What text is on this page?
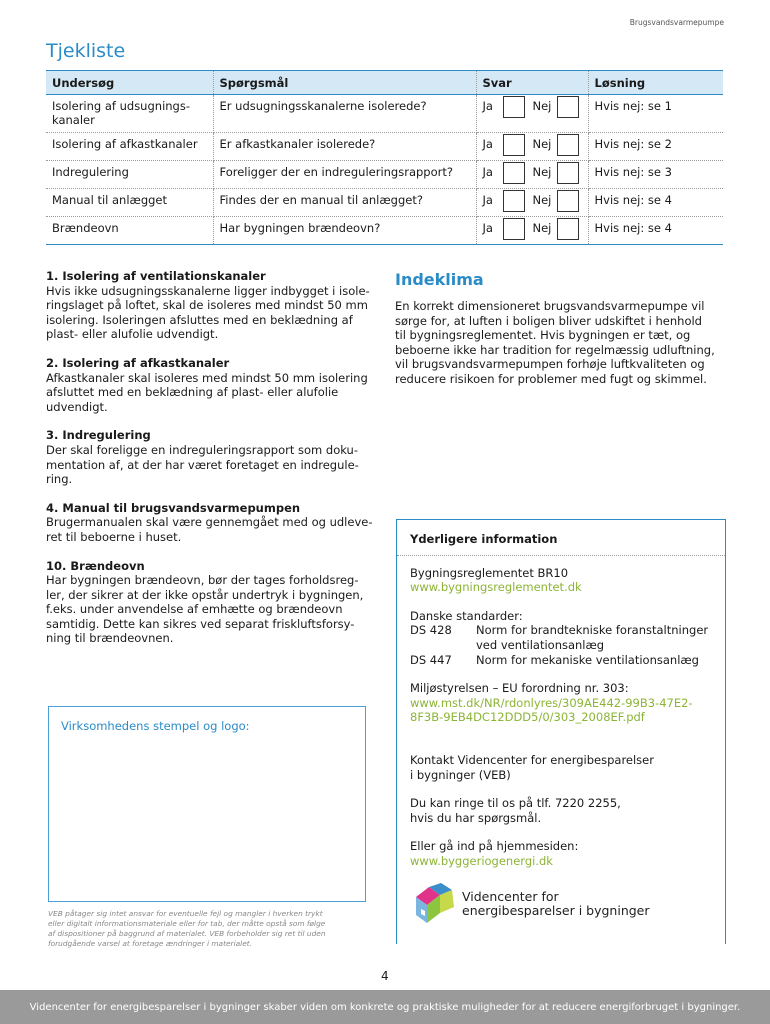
Brugsvandsvarmepumpe
Tjekliste
Undersøg	Spørgsmål	Svar	Løsning
Isolering af udsugnings-
kanaler	Er udsugningsskanalerne isolerede?	Ja Nej	Hvis nej: se 1
Isolering af afkastkanaler	Er afkastkanaler isolerede?	Ja Nej	Hvis nej: se 2
Indregulering	Foreligger der en indreguleringsrapport?	Ja Nej	Hvis nej: se 3
Manual til anlægget	Findes der en manual til anlægget?	Ja Nej	Hvis nej: se 4
Brændeovn	Har bygningen brændeovn?	Ja Nej	Hvis nej: se 4
1. Isolering af ventilationskanaler
Hvis ikke udsugningsskanalerne ligger indbygget i isole-
ringslaget på loftet, skal de isoleres med mindst 50 mm
isolering. Isoleringen afsluttes med en beklædning af
plast- eller alufolie udvendigt.
2. Isolering af afkastkanaler
Afkastkanaler skal isoleres med mindst 50 mm isolering
afsluttet med en beklædning af plast- eller alufolie
udvendigt.
3. Indregulering
Der skal foreligge en indreguleringsrapport som doku-
mentation af, at der har været foretaget en indregule-
ring.
4. Manual til brugsvandsvarmepumpen
Brugermanualen skal være gennemgået med og udleve-
ret til beboerne i huset.
10. Brændeovn
Har bygningen brændeovn, bør der tages forholdsreg-
ler, der sikrer at der ikke opstår undertryk i bygningen,
f.eks. under anvendelse af emhætte og brændeovn
samtidig. Dette kan sikres ved separat friskluftsforsy-
ning til brændeovnen.
Virksomhedens stempel og logo:
VEB påtager sig intet ansvar for eventuelle fejl og mangler i hverken trykt
eller digitalt informationsmateriale eller for tab, der måtte opstå som følge
af dispositioner på baggrund af materialet. VEB forbeholder sig ret til uden
forudgående varsel at foretage ændringer i materialet.
Indeklima
En korrekt dimensioneret brugsvandsvarmepumpe vil
sørge for, at luften i boligen bliver udskiftet i henhold
til bygningsreglementet. Hvis bygningen er tæt, og
beboerne ikke har tradition for regelmæssig udluftning,
vil brugsvandsvarmepumpen forhøje luftkvaliteten og
reducere risikoen for problemer med fugt og skimmel.
Yderligere information
Bygningsreglementet BR10
www.bygningsreglementet.dk
Danske standarder:
DS 428	Norm for brandtekniske foranstaltninger
ved ventilationsanlæg
DS 447	Norm for mekaniske ventilationsanlæg
Miljøstyrelsen – EU forordning nr. 303:
www.mst.dk/NR/rdonlyres/309AE442-99B3-47E2-
8F3B-9EB4DC12DDD5/0/303_2008EF.pdf
Kontakt Videncenter for energibesparelser
i bygninger (VEB)
Du kan ringe til os på tlf. 7220 2255,
hvis du har spørgsmål.
Eller gå ind på hjemmesiden:
www.byggeriogenergi.dk
Videncenter for
energibesparelser i bygninger
4
Videncenter for energibesparelser i bygninger skaber viden om konkrete og praktiske muligheder for at reducere energiforbruget i bygninger.
